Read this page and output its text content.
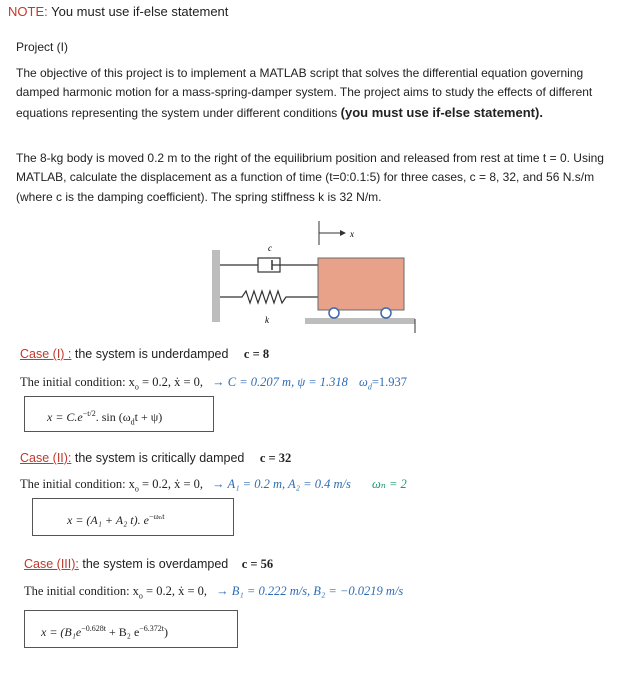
NOTE: You must use if-else statement
Project (I)
The objective of this project is to implement a MATLAB script that solves the differential equation governing damped harmonic motion for a mass-spring-damper system. The project aims to study the effects of different equations representing the system under different conditions (you must use if-else statement).
The 8-kg body is moved 0.2 m to the right of the equilibrium position and released from rest at time t = 0. Using MATLAB, calculate the displacement as a function of time (t=0:0.1:5) for three cases, c = 8, 32, and 56 N.s/m (where c is the damping coefficient). The spring stiffness k is 32 N/m.
c
k
x
Case (I) : the system is underdamped c = 8
The initial condition: $x_o = 0.2$, ẋ = 0, → C = 0.207 m, ψ = 1.318 $\omega_d=1.937$
$x = C.e^{-t/2}$. $\sin (\omega_dt + \psi)$
Case (II): the system is critically damped c = 32
The initial condition: $x_o = 0.2$, ẋ = 0, → A₁ = 0.2 m, A₂ = 0.4 m/s ωₙ = 2
x = (A₁ + A₂ t). $e^{-\omega_nt}$
Case (III): the system is overdamped c = 56
The initial condition: $x_o = 0.2$, ẋ = 0, → B₁ = 0.222 m/s, B₂ = −0.0219 m/s
$x = (B_1e^{-0.628t} + B_2$ $e^{-6.372t}$)
